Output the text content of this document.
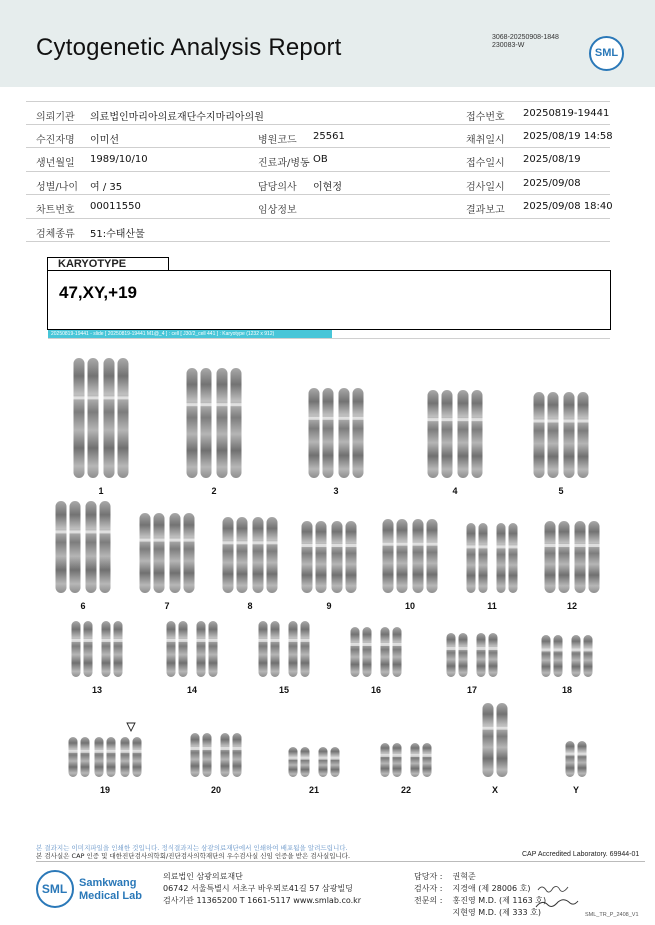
Cytogenetic Analysis Report	3068-20250908-1848
230083-W
SML
의뢰기관 의료법인마리아의료재단수지마리아의원	접수번호 20250819-19441
수진자명 이미선	병원코드 25561	채취일시 2025/08/19 14:58
생년월일 1989/10/10	진료과/병동 OB	접수일시 2025/08/19
성별/나이 여 / 35	담당의사 이현정	검사일시 2025/09/08
차트번호 00011550	임상정보	결과보고 2025/09/08 18:40
검체종류 51:수태산물
KARYOTYPE
47,XY,+19
20250819-19441 - slide [ 20250819-19441 M1@_4 ] : cell [ J30/2_cell 441 ] : Karyotype (1232 x 912)
1	2	3	4	5
6	7	8	9	10	11	12
13	14	15	16	17	18
19	20	21	22	X	Y
본 결과지는 이미지파일을 인쇄한 것입니다. 정식결과지는 삼광의료재단에서 인쇄하여 배포됨을 알려드립니다.
본 검사실은 CAP 인증 및 대한진단검사의학회/진단검사의학재단의 우수검사실 신임 인증을 받은 검사실입니다.	CAP Accredited Laboratory. 69944-01
SML	Samkwang
Medical Lab
의료법인 삼광의료재단
06742 서울특별시 서초구 바우뫼로41길 57 삼광빌딩
검사기관 11365200 T 1661-5117 www.smlab.co.kr
담당자 : 권혁준
검사자 : 지경애 (제 28006 호)
전문의 : 홍진영 M.D. (제 1163 호)
지현영 M.D. (제 333 호)	SML_TR_P_2408_V1
